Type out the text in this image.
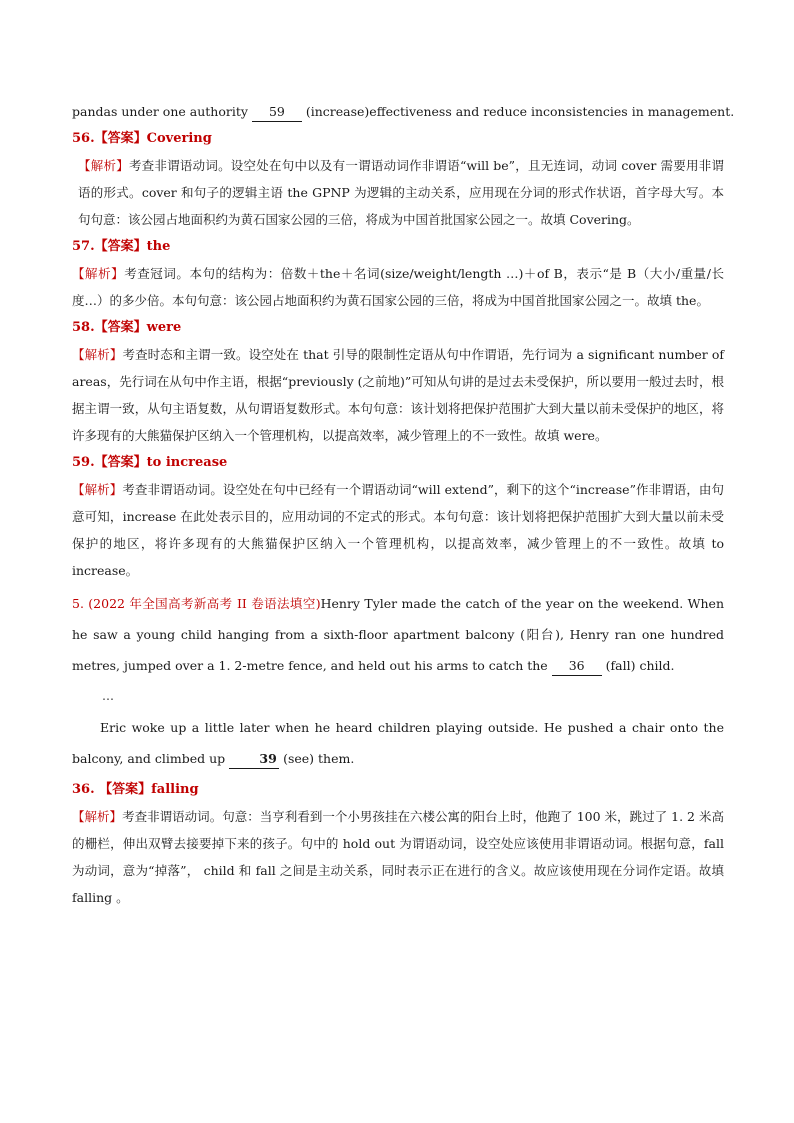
pandas under one authority 59 (increase)effectiveness and reduce inconsistencies in management.

56.【答案】Covering

【解析】考查非谓语动词。设空处在句中以及有一谓语动词作非谓语“will be”，且无连词，动词 cover 需要用非谓语的形式。cover 和句子的逻辑主语 the GPNP 为逻辑的主动关系，应用现在分词的形式作状语，首字母大写。本句句意：该公园占地面积约为黄石国家公园的三倍，将成为中国首批国家公园之一。故填 Covering。

57.【答案】the

【解析】考查冠词。本句的结构为：倍数＋the＋名词(size/weight/length …)＋of B，表示“是 B（大小/重量/长度…）的多少倍。本句句意：该公园占地面积约为黄石国家公园的三倍，将成为中国首批国家公园之一。故填 the。

58.【答案】were

【解析】考查时态和主谓一致。设空处在 that 引导的限制性定语从句中作谓语，先行词为 a significant number of areas，先行词在从句中作主语，根据“previously (之前地)”可知从句讲的是过去未受保护，所以要用一般过去时，根据主谓一致，从句主语复数，从句谓语复数形式。本句句意：该计划将把保护范围扩大到大量以前未受保护的地区，将许多现有的大熊猫保护区纳入一个管理机构，以提高效率，减少管理上的不一致性。故填 were。

59.【答案】to increase

【解析】考查非谓语动词。设空处在句中已经有一个谓语动词“will extend”，剩下的这个“increase”作非谓语，由句意可知，increase 在此处表示目的，应用动词的不定式的形式。本句句意：该计划将把保护范围扩大到大量以前未受保护的地区，将许多现有的大熊猫保护区纳入一个管理机构，以提高效率，减少管理上的不一致性。故填 to increase。

5. (2022 年全国高考新高考 II 卷语法填空)Henry Tyler made the catch of the year on the weekend. When he saw a young child hanging from a sixth-floor apartment balcony (阳台), Henry ran one hundred metres, jumped over a 1. 2-metre fence, and held out his arms to catch the 36 (fall) child.

…

Eric woke up a little later when he heard children playing outside. He pushed a chair onto the balcony, and climbed up 39 (see) them.

36. 【答案】falling

【解析】考查非谓语动词。句意：当亨利看到一个小男孩挂在六楼公寓的阳台上时，他跑了 100 米，跳过了 1. 2 米高的栅栏，伸出双臂去接要掉下来的孩子。句中的 hold out 为谓语动词，设空处应该使用非谓语动词。根据句意，fall 为动词，意为“掉落”， child 和 fall 之间是主动关系，同时表示正在进行的含义。故应该使用现在分词作定语。故填 falling 。
